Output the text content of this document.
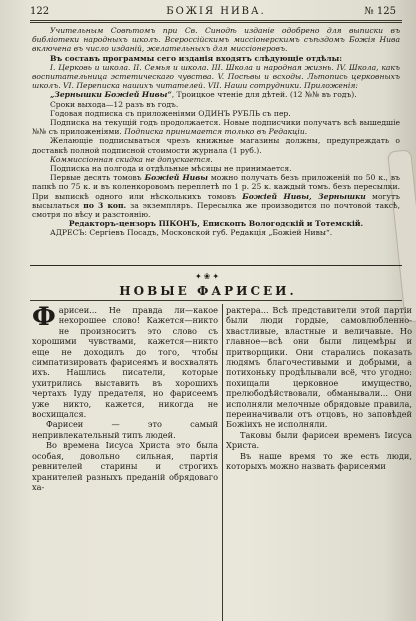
122	БОЖІЯ НИВА.	№ 125

Учительным Совѣтомъ при Св. Синодѣ изданіе одобрено для выписки въ библіотеки народныхъ школъ. Всероссійскимъ миссіонерскимъ съѣздомъ Божія Нива включена въ число изданій, желательныхъ для миссіонеровъ.

Въ составъ программы сего изданія входятъ слѣдующіе отдѣлы:

I. Церковь и школа. II. Семья и школа. III. Школа и народная жизнь. IV. Школа, какъ воспитательница эстетическаго чувства. V. Посѣвы и всходы. Льтопись церковныхъ школъ. VI. Переписка нашихъ читателей. VII. Наши сотрудники. Приложенія:

„Зернышки Божіей Нивы“, Троицкое чтеніе для дѣтей. (12 №№ въ годъ).

Сроки выхода—12 разъ въ годъ.

Годовая подписка съ приложеніями ОДИНЪ РУБЛЬ съ пер.

Подписка на текущій годъ продолжается. Новые подписчики получатъ всѣ вышедшіе №№ съ приложеніями. Подписка принимается только въ Редакціи.

Желающіе подписываться чрезъ книжные магазины должны, предупреждать о доставкѣ полной подписной стоимости журнала (1 руб.).

Коммиссіонная скидка не допускается.

Подписка на полгода и отдѣльные мѣсяцы не принимается.

Первые десять томовъ Божіей Нивы можно получать безъ приложеній по 50 к., въ папкѣ по 75 к. и въ коленкоровомъ переплетѣ по 1 р. 25 к. каждый томъ. безъ пересылки. При выпискѣ одного или нѣсколькихъ томовъ Божіей Нивы, Зернышки могутъ высылаться по 3 коп. за экземпляръ. Пересылка же производится по почтовой таксѣ, смотря по вѣсу и разстоянію.

Редакторъ-цензоръ ПІКОНЪ, Епископъ Вологодскій и Тотемскій.

АДРЕСЪ: Сергіевъ Посадъ, Московской губ. Редакція „Божіей Нивы“.

✦❀✦
НОВЫЕ ФАРИСЕИ.

Фарисеи... Не правда ли—какое нехорошее слово! Кажется—никто не произноситъ это слово съ хорошими чувствами, кажется—никто еще не доходилъ до того, чтобы симпатизировать фарисеямъ и восхвалять ихъ. Нашлись писатели, которые ухитрились выставить въ хорошихъ чертахъ Іуду предателя, но фарисеемъ уже никто, кажется, никогда не восхищался.

Фарисеи — это самый непривлекательный типъ людей.

Во времена Іисуса Христа это была особая, довольно сильная, партія ревнителей старины и строгихъ хранителей разныхъ преданій обрядоваго ха-

рактера... Всѣ представители этой партіи были люди гордые, самовлюбленно-хвастливые, властные и величавые. Но главное—всѣ они были лицемѣры и притворщики. Они старались показать людямъ благочестивыми и добрыми, а потихоньку продѣлывали всё, что угодно: похищали церковное имущество, прелюбодѣйствовали, обманывали... Они исполняли мелочные обрядовые правила, переиначивали отъ отцовъ, но заповѣдей Божіихъ не исполняли.

Таковы были фарисеи временъ Іисуса Христа.

Въ наше время то же есть люди, которыхъ можно назвать фарисеями
